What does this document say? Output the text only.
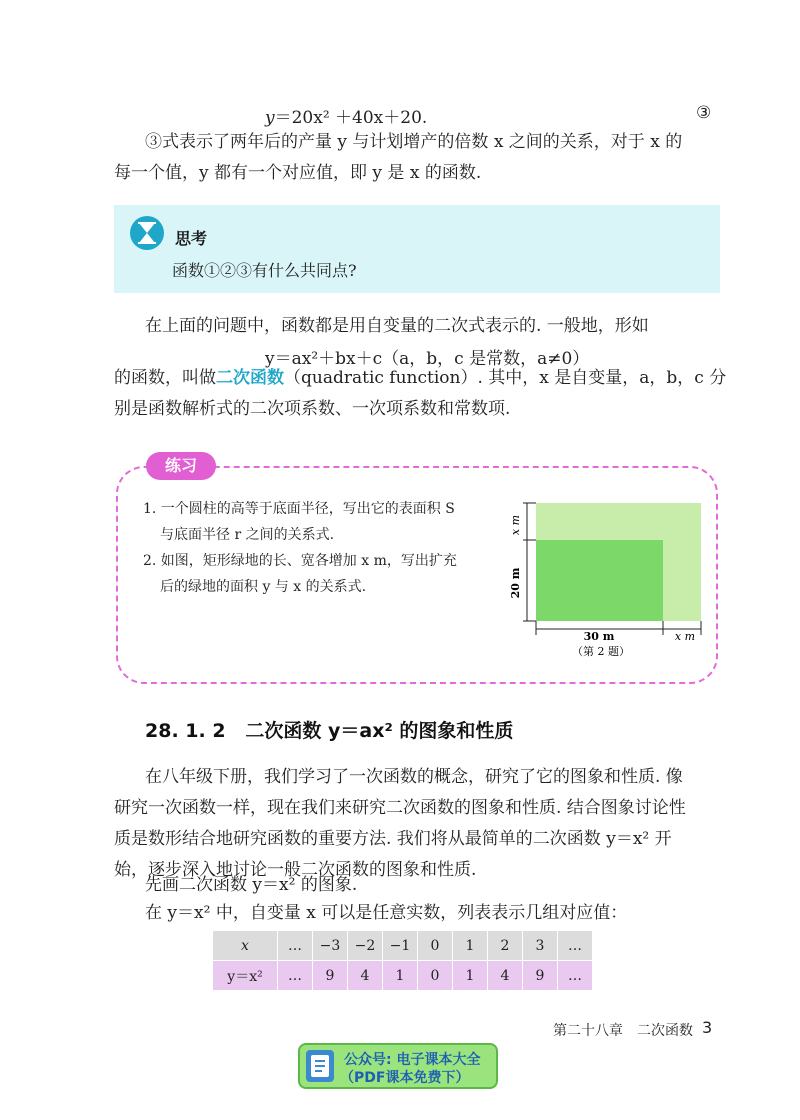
y＝20x² ＋40x＋20.	③
③式表示了两年后的产量 y 与计划增产的倍数 x 之间的关系，对于 x 的
每一个值，y 都有一个对应值，即 y 是 x 的函数.
思考
函数①②③有什么共同点?
在上面的问题中，函数都是用自变量的二次式表示的. 一般地，形如
y＝ax²＋bx＋c（a，b，c 是常数，a≠0）
的函数，叫做二次函数（quadratic function）. 其中，x 是自变量，a，b，c 分
别是函数解析式的二次项系数、一次项系数和常数项.
练习
1. 一个圆柱的高等于底面半径，写出它的表面积 S
与底面半径 r 之间的关系式.
2. 如图，矩形绿地的长、宽各增加 x m，写出扩充
后的绿地的面积 y 与 x 的关系式.
x m
20 m
30 m	x m
（第 2 题）
28. 1. 2 二次函数 y＝ax² 的图象和性质
在八年级下册，我们学习了一次函数的概念，研究了它的图象和性质. 像
研究一次函数一样，现在我们来研究二次函数的图象和性质. 结合图象讨论性
质是数形结合地研究函数的重要方法. 我们将从最简单的二次函数 y＝x² 开
始，逐步深入地讨论一般二次函数的图象和性质.
先画二次函数 y＝x² 的图象.
在 y＝x² 中，自变量 x 可以是任意实数，列表表示几组对应值：
x	…	−3	−2	−1	0	1	2	3	…
y＝x²	…	9	4	1	0	1	4	9	…
第二十八章　二次函数 3
公众号: 电子课本大全
（PDF课本免费下）
